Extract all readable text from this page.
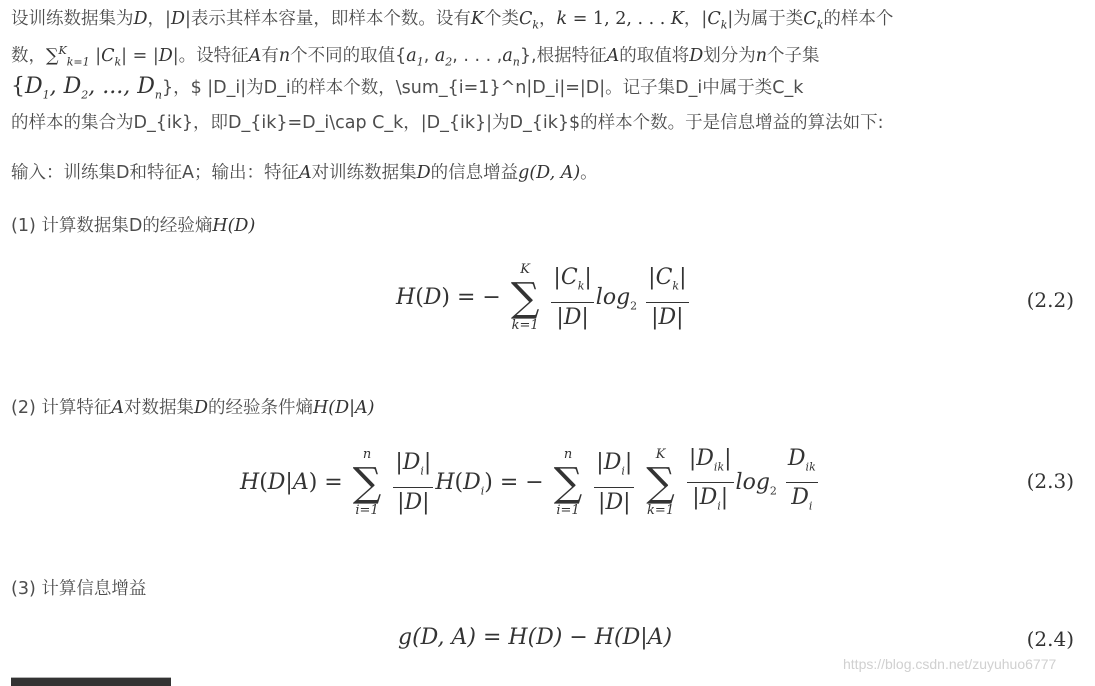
设训练数据集为D，|D|表示其样本容量，即样本个数。设有K个类$C_k$，k = 1, 2, . . . K，$|C_k|$为属于类$C_k$的样本个
数，∑$^K_{k=1}$ $|C_k| = |D|$。设特征A有n个不同的取值{$a_1$, $a_2$, . . . $,a_n$},根据特征A的取值将D划分为n个子集
{$D_1$, $D_2$, ..., $D_n$}，$ |D_i|为D_i的样本个数，\sum_{i=1}^n|D_i|=|D|。记子集D_i中属于类C_k
的样本的集合为D_{ik}，即D_{ik}=D_i\cap C_k，|D_{ik}|为D_{ik}$的样本个数。于是信息增益的算法如下:
输入：训练集D和特征A；输出：特征A对训练数据集D的信息增益g(D, A)。
(1) 计算数据集D的经验熵H(D)
H(D) = −
K
∑
k=1
$\frac{|C_k|}{|D|} \log_2 \frac{|C_k|}{|D|}$	(2.2)
(2) 计算特征A对数据集D的经验条件熵H(D|A)
H(D|A) =
n
∑
i=1
$\frac{|D_i|}{|D|} H(D_i)$ = −
n
∑
i=1
$\frac{|D_i|}{|D|}$
	K
∑
k=1
$\frac{|D_{ik}|}{|D_i|} \log_2 \frac{D_{ik}}{D_i}$	(2.3)
(3) 计算信息增益
g(D, A) = H(D) − H(D|A)	(2.4)
https://blog.csdn.net/zuyuhuo6777
